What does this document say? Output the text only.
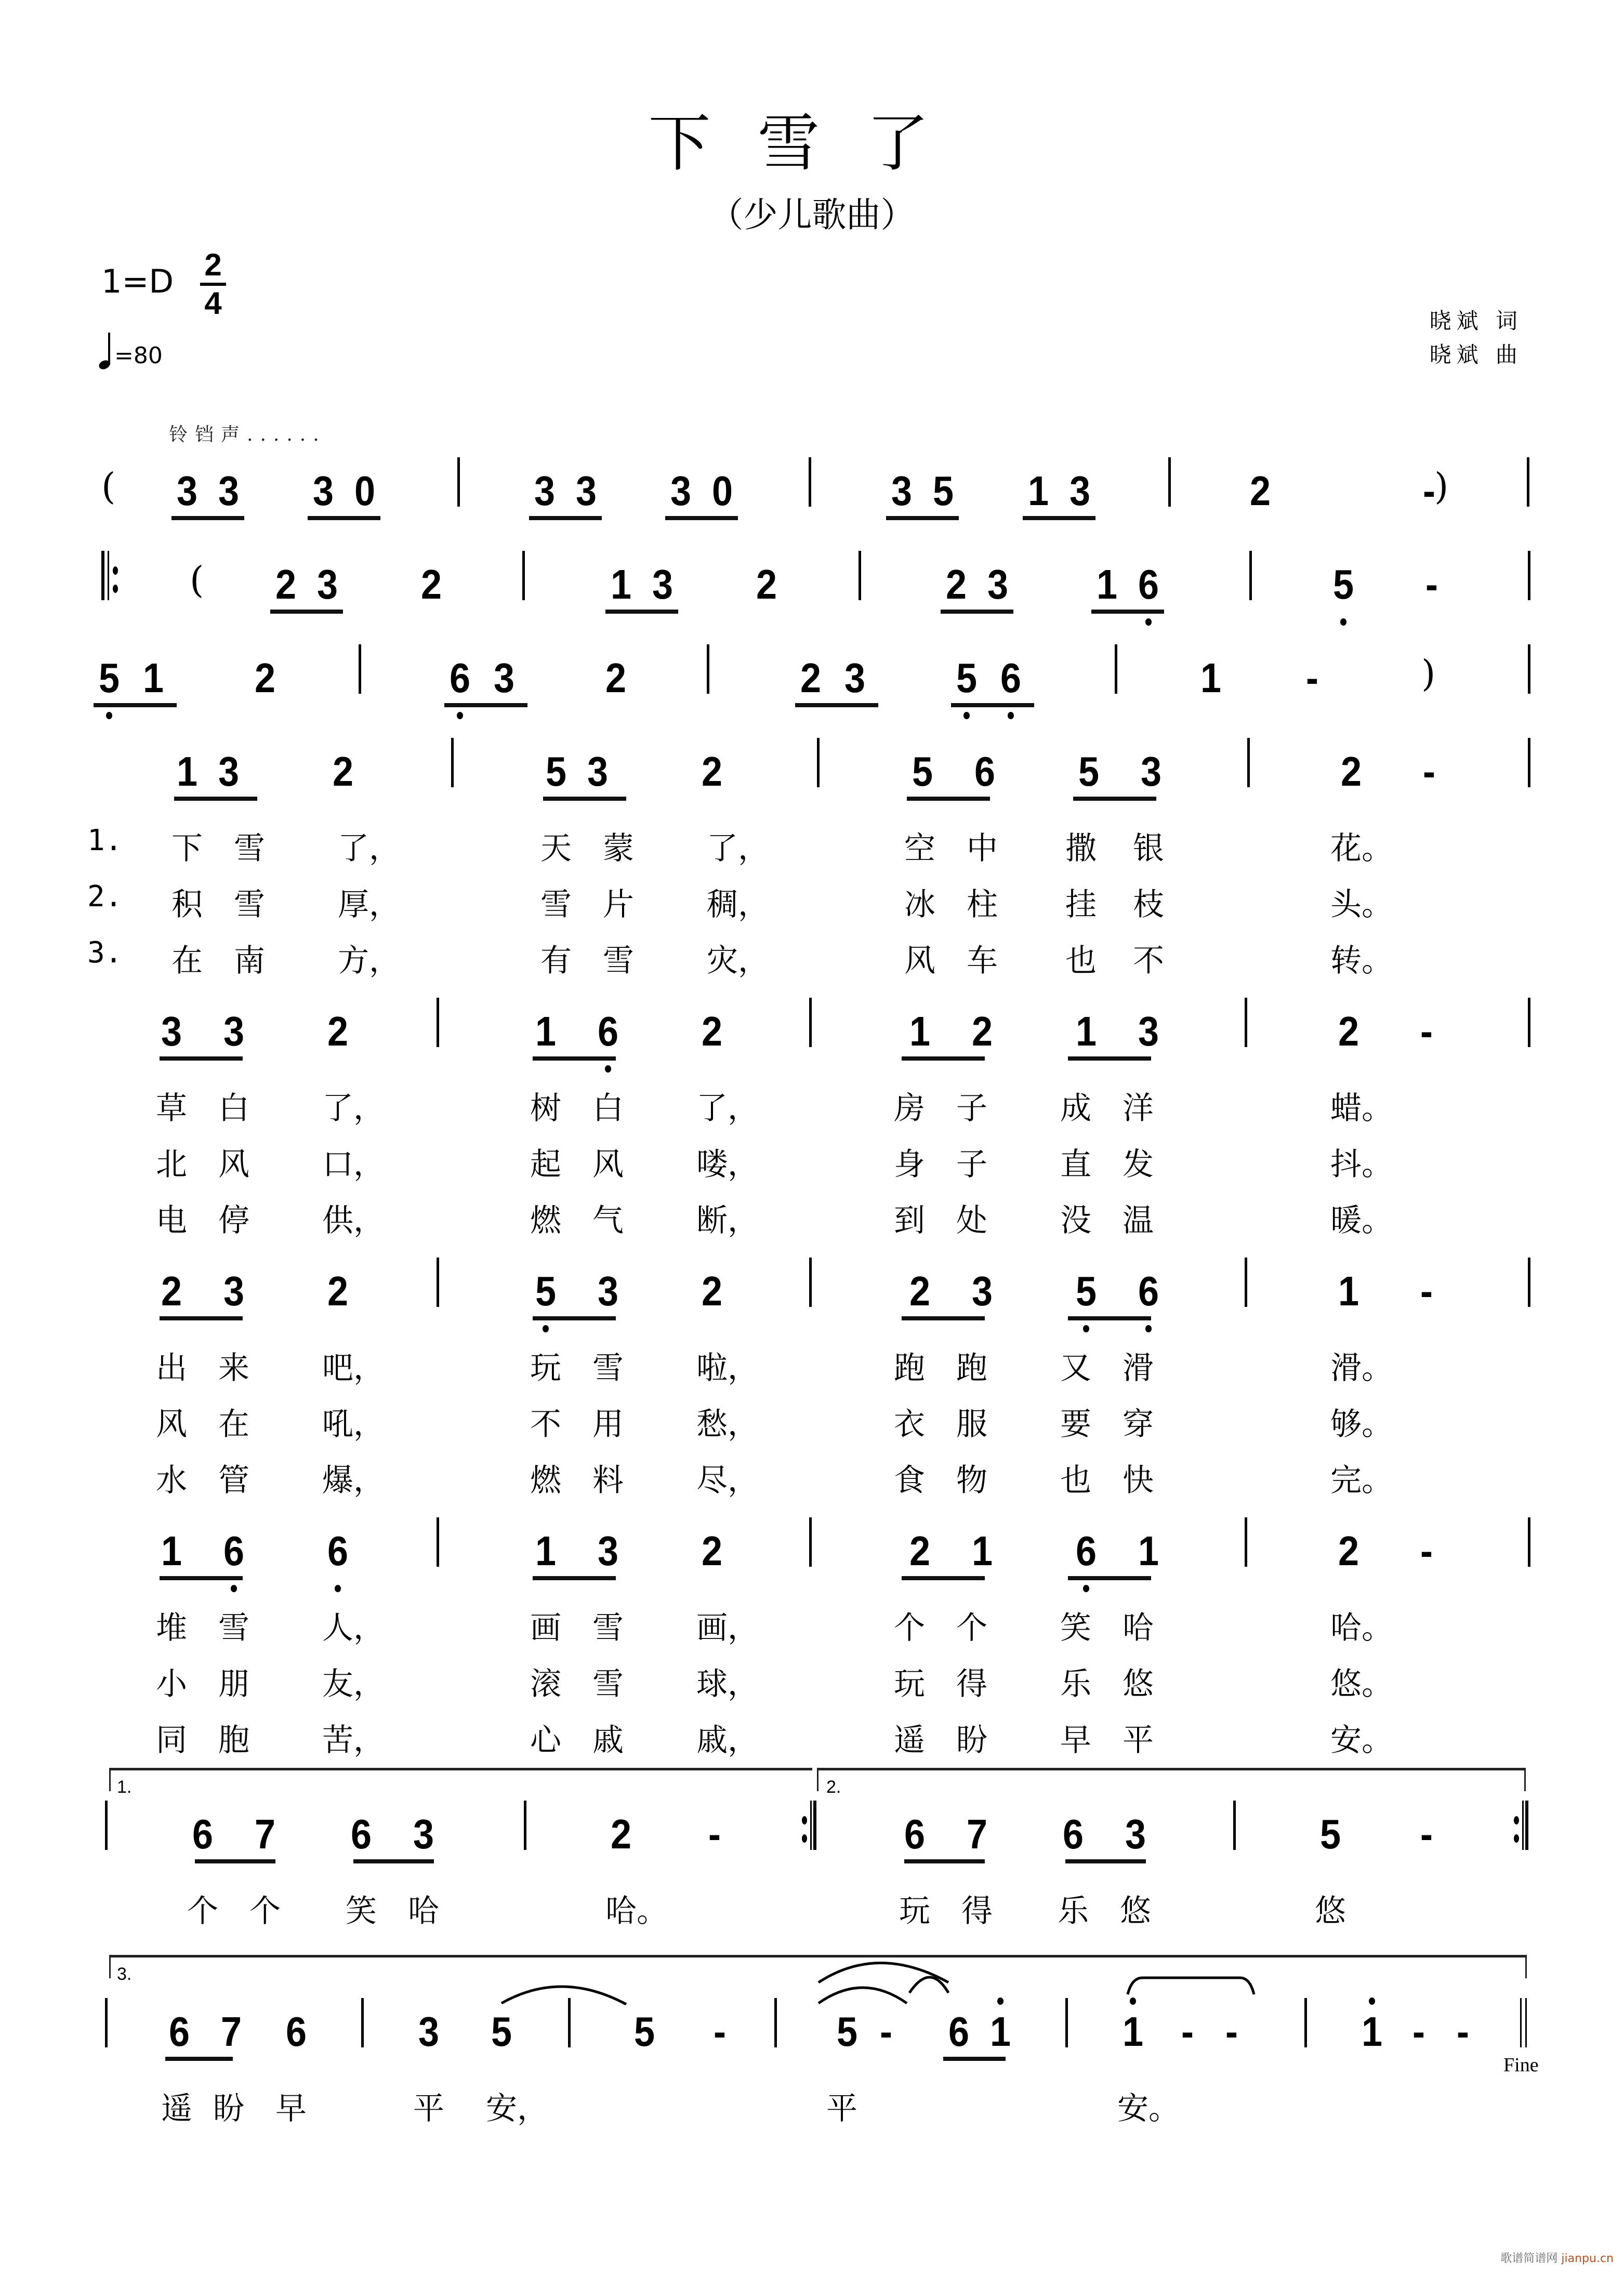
下雪了
（少儿歌曲）
1=D 2
4
=80
晓斌 词
晓斌 曲
铃铛声......
(	)
3 3 3 0	3 3 3 0	3 5 1 3	2	-
( 2 3 2	1 3 2	2 3 1 6	5 -
)
5 1 2	6 3 2	2 3 5 6	1 -
1 3 2	5 3 2	5 6 5 3	2 -
1. 下	雪	了，	天	蒙	了，	空	中	撒	银	花。
2. 积	雪	厚，	雪	片	稠，	冰	柱	挂	枝	头。
3. 在	南	方，	有	雪	灾，	风	车	也	不	转。
3 3 2	1 6 2	1 2 1 3	2 -
草	白	了，	树	白	了，	房	子	成	洋	蜡。
北	风	口，	起	风	喽，	身	子	直	发	抖。
电	停	供，	燃	气	断，	到	处	没	温	暖。
2 3 2	5 3 2	2 3 5 6	1 -
出	来	吧，	玩	雪	啦，	跑	跑	又	滑	滑。
风	在	吼，	不	用	愁，	衣	服	要	穿	够。
水	管	爆，	燃	料	尽，	食	物	也	快	完。
1 6 6	1 3 2	2 1 6 1	2 -
堆	雪	人，	画	雪	画，	个	个	笑	哈	哈。
小	朋	友，	滚	雪	球，	玩	得	乐	悠	悠。
同	胞	苦，	心	戚	戚，	遥	盼	早	平	安。
6 7 6 3	2 -	6 7 6 3	5 -
个	个	笑	哈	哈。	玩	得	乐	悠	悠
6 7 6	3 5	5 -	5 - 6 1	1 - -	1 - -
遥 盼	早	平	安，	平	安。
1.	2.
3.
Fine
歌谱简谱网 jianpu.cn
